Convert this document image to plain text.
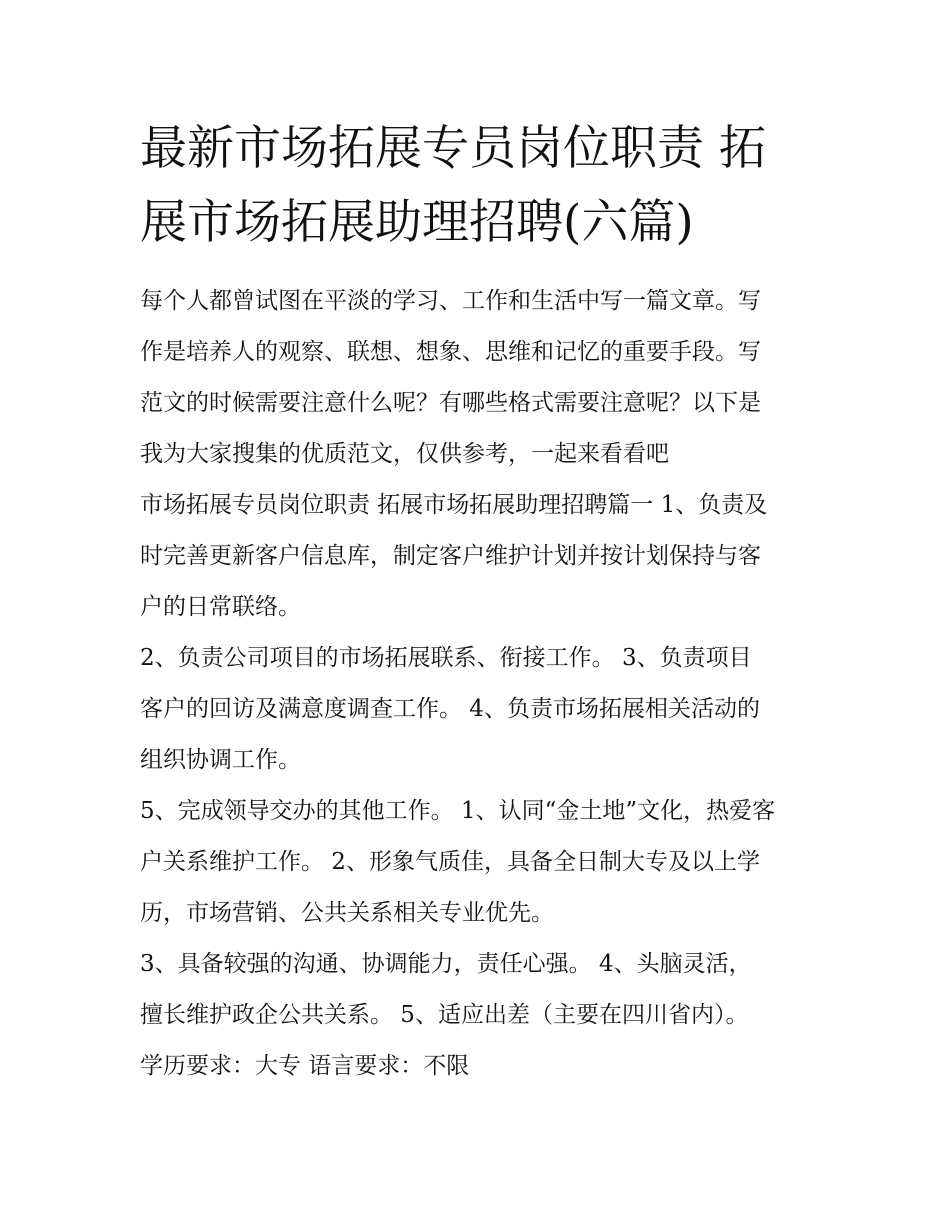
最新市场拓展专员岗位职责 拓
展市场拓展助理招聘(六篇)
每个人都曾试图在平淡的学习、工作和生活中写一篇文章。写
作是培养人的观察、联想、想象、思维和记忆的重要手段。写
范文的时候需要注意什么呢？有哪些格式需要注意呢？以下是
我为大家搜集的优质范文，仅供参考，一起来看看吧
市场拓展专员岗位职责 拓展市场拓展助理招聘篇一 1、负责及
时完善更新客户信息库，制定客户维护计划并按计划保持与客
户的日常联络。
2、负责公司项目的市场拓展联系、衔接工作。 3、负责项目
客户的回访及满意度调查工作。 4、负责市场拓展相关活动的
组织协调工作。
5、完成领导交办的其他工作。 1、认同“金土地”文化，热爱客
户关系维护工作。 2、形象气质佳，具备全日制大专及以上学
历，市场营销、公共关系相关专业优先。
3、具备较强的沟通、协调能力，责任心强。 4、头脑灵活，
擅长维护政企公共关系。 5、适应出差（主要在四川省内）。
学历要求：大专 语言要求：不限
